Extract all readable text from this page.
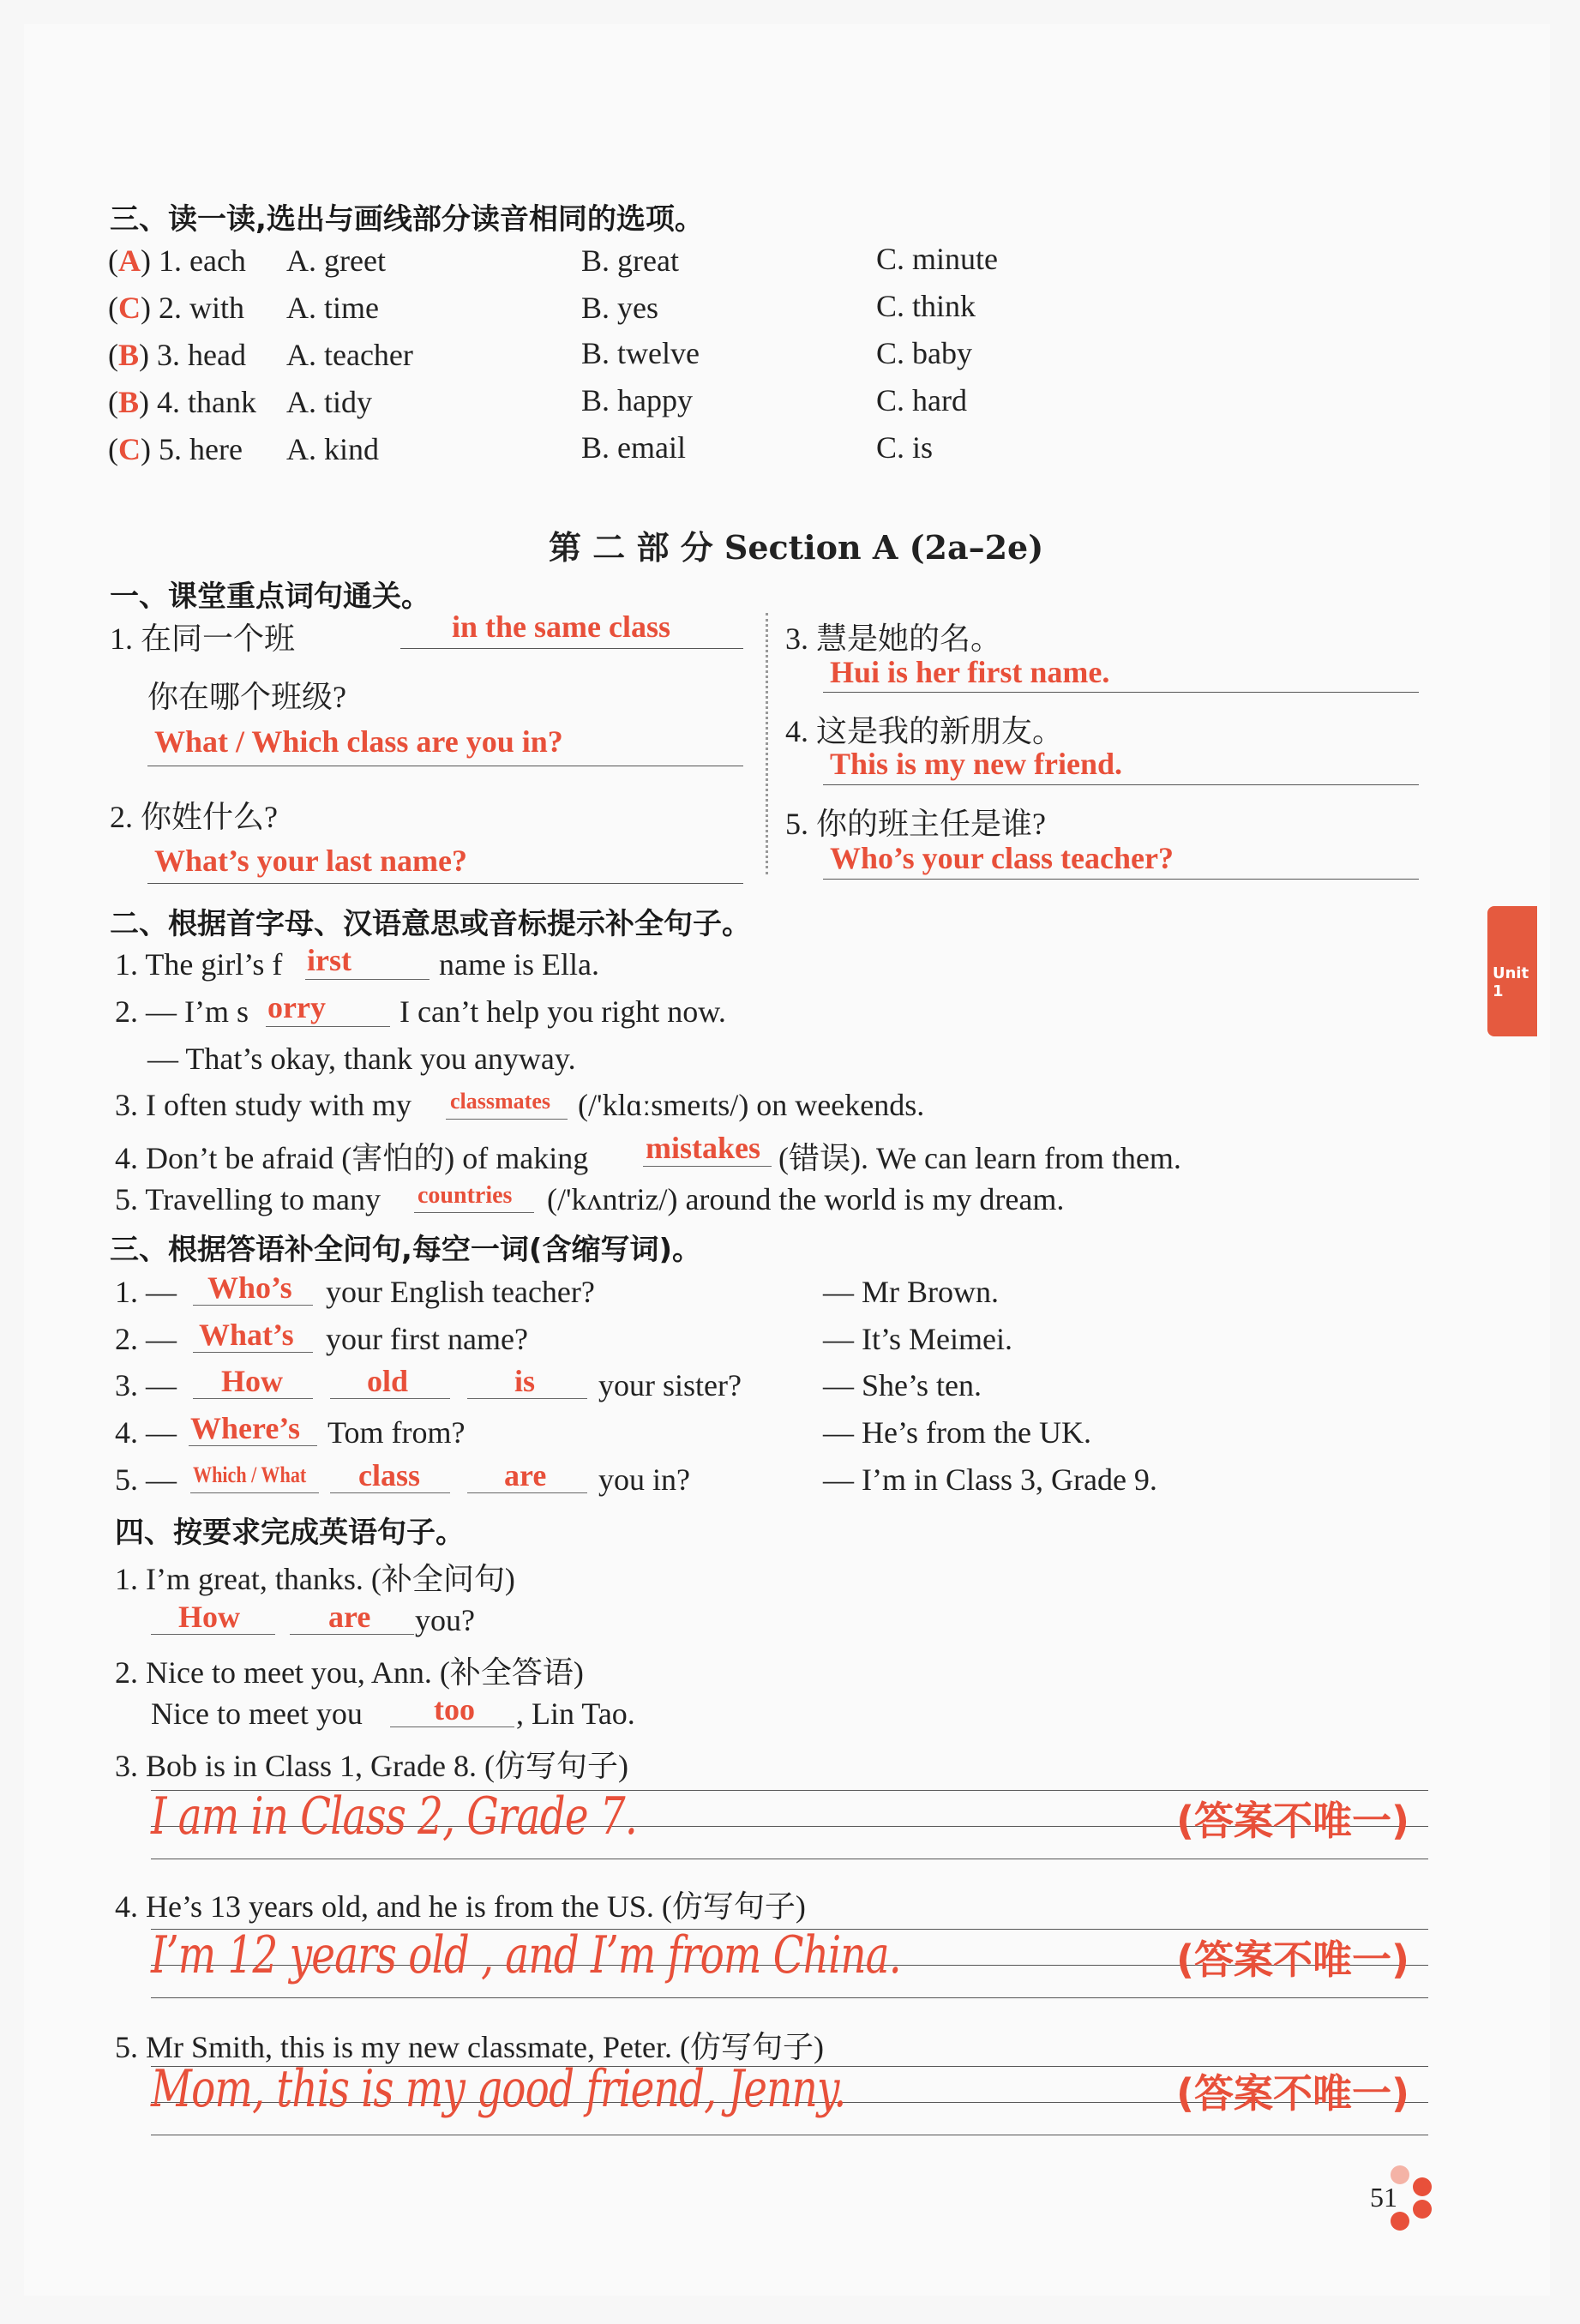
三、读一读,选出与画线部分读音相同的选项。
(A) 1. each A. greet	B. great	C. minute
(C) 2. with A. time	B. yes	C. think
(B) 3. head A. teacher	B. twelve	C. baby
(B) 4. thank A. tidy	B. happy	C. hard
(C) 5. here A. kind	B. email	C. is
第 二 部 分 Section A (2a–2e)
一、课堂重点词句通关。
1. 在同一个班	in the same class
你在哪个班级?
What / Which class are you in?
2. 你姓什么?
What’s your last name?
3. 慧是她的名。
Hui is her first name.
4. 这是我的新朋友。
This is my new friend.
5. 你的班主任是谁?
Who’s your class teacher?
二、根据首字母、汉语意思或音标提示补全句子。
1. The girl’s f irst	name is Ella.
2. — I’m s orry I can’t help you right now.
— That’s okay, thank you anyway.
3. I often study with my classmates (/'klɑːsmeɪts/) on weekends.
4. Don’t be afraid (害怕的) of making mistakes (错误). We can learn from them.
5. Travelling to many countries (/'kʌntriz/) around the world is my dream.
三、根据答语补全问句,每空一词(含缩写词)。
1. — Who’s your English teacher?	— Mr Brown.
2. — What’s your first name?	— It’s Meimei.
3. — How	old	is your sister?	— She’s ten.
4. — Where’s Tom from?	— He’s from the UK.
5. — Which / What class	are you in?	— I’m in Class 3, Grade 9.
四、按要求完成英语句子。
1. I’m great, thanks. (补全问句)
How	are you?
2. Nice to meet you, Ann. (补全答语)
Nice to meet you too , Lin Tao.
3. Bob is in Class 1, Grade 8. (仿写句子)
I am in Class 2, Grade 7.	(答案不唯一)
4. He’s 13 years old, and he is from the US. (仿写句子)
I’m 12 years old , and I’m from China.	(答案不唯一)
5. Mr Smith, this is my new classmate, Peter. (仿写句子)
Mom, this is my good friend, Jenny.	(答案不唯一)
Unit 1
51
